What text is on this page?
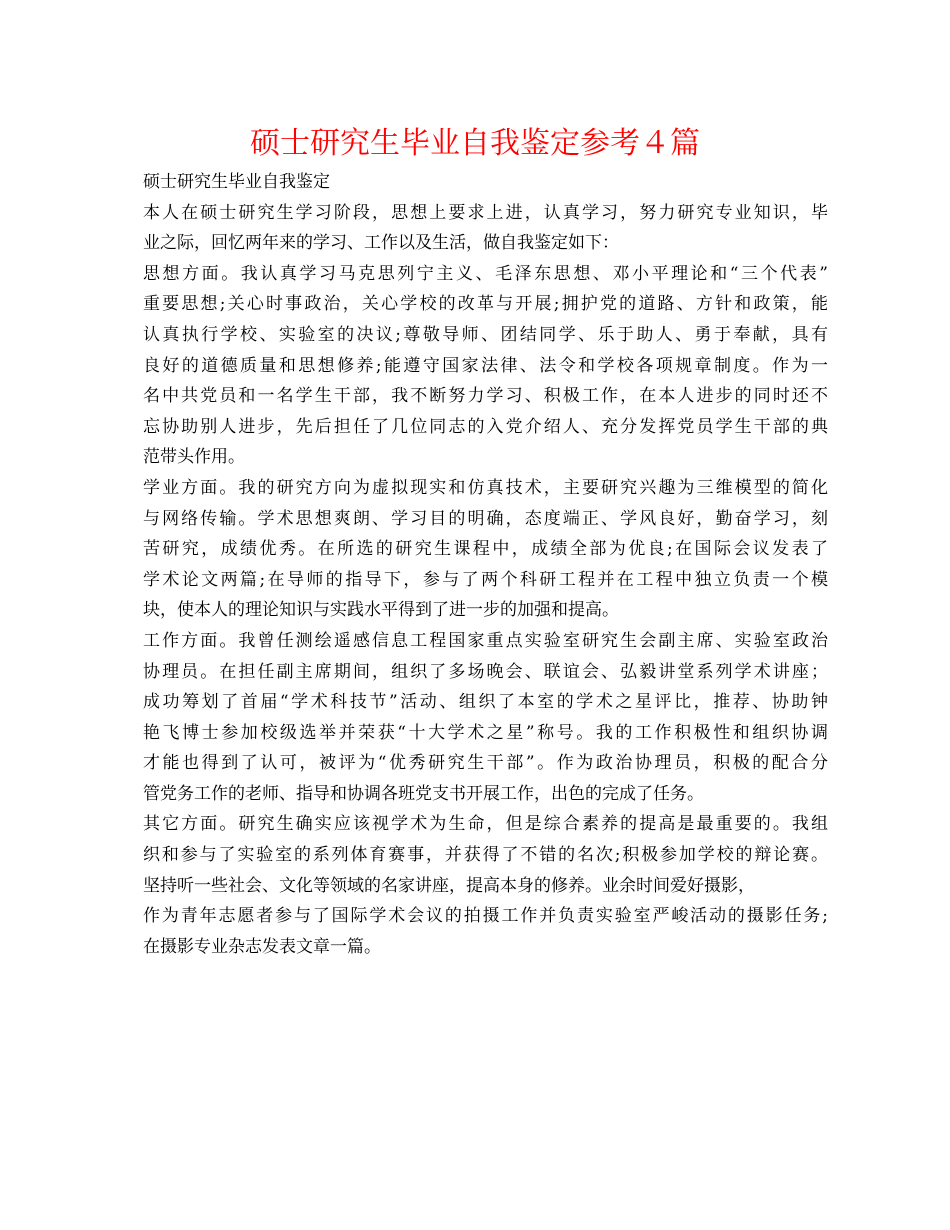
硕士研究生毕业自我鉴定参考４篇
硕士研究生毕业自我鉴定
本人在硕士研究生学习阶段，思想上要求上进，认真学习，努力研究专业知识，毕
业之际，回忆两年来的学习、工作以及生活，做自我鉴定如下：
思想方面。我认真学习马克思列宁主义、毛泽东思想、邓小平理论和“三个代表”
重要思想;关心时事政治，关心学校的改革与开展;拥护党的道路、方针和政策，能
认真执行学校、实验室的决议;尊敬导师、团结同学、乐于助人、勇于奉献，具有
良好的道德质量和思想修养;能遵守国家法律、法令和学校各项规章制度。作为一
名中共党员和一名学生干部，我不断努力学习、积极工作，在本人进步的同时还不
忘协助别人进步，先后担任了几位同志的入党介绍人、充分发挥党员学生干部的典
范带头作用。
学业方面。我的研究方向为虚拟现实和仿真技术，主要研究兴趣为三维模型的简化
与网络传输。学术思想爽朗、学习目的明确，态度端正、学风良好，勤奋学习，刻
苦研究，成绩优秀。在所选的研究生课程中，成绩全部为优良;在国际会议发表了
学术论文两篇;在导师的指导下，参与了两个科研工程并在工程中独立负责一个模
块，使本人的理论知识与实践水平得到了进一步的加强和提高。
工作方面。我曾任测绘遥感信息工程国家重点实验室研究生会副主席、实验室政治
协理员。在担任副主席期间，组织了多场晚会、联谊会、弘毅讲堂系列学术讲座；
成功筹划了首届“学术科技节”活动、组织了本室的学术之星评比，推荐、协助钟
艳飞博士参加校级选举并荣获“十大学术之星”称号。我的工作积极性和组织协调
才能也得到了认可，被评为“优秀研究生干部”。作为政治协理员，积极的配合分
管党务工作的老师、指导和协调各班党支书开展工作，出色的完成了任务。
其它方面。研究生确实应该视学术为生命，但是综合素养的提高是最重要的。我组
织和参与了实验室的系列体育赛事，并获得了不错的名次;积极参加学校的辩论赛。
坚持听一些社会、文化等领域的名家讲座，提高本身的修养。业余时间爱好摄影，
作为青年志愿者参与了国际学术会议的拍摄工作并负责实验室严峻活动的摄影任务;
在摄影专业杂志发表文章一篇。
